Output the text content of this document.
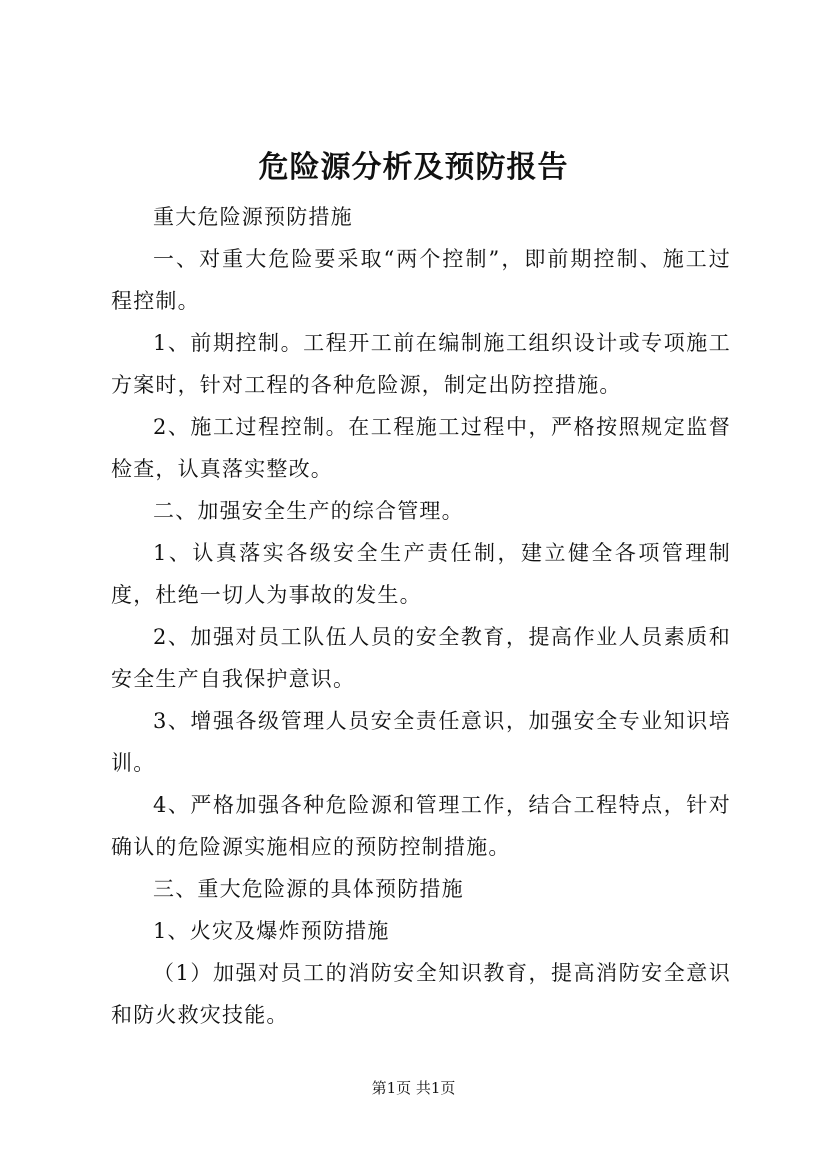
危险源分析及预防报告

重大危险源预防措施

一、对重大危险要采取“两个控制”，即前期控制、施工过程控制。

1、前期控制。工程开工前在编制施工组织设计或专项施工方案时，针对工程的各种危险源，制定出防控措施。

2、施工过程控制。在工程施工过程中，严格按照规定监督检查，认真落实整改。

二、加强安全生产的综合管理。

1、认真落实各级安全生产责任制，建立健全各项管理制度，杜绝一切人为事故的发生。

2、加强对员工队伍人员的安全教育，提高作业人员素质和安全生产自我保护意识。

3、增强各级管理人员安全责任意识，加强安全专业知识培训。

4、严格加强各种危险源和管理工作，结合工程特点，针对确认的危险源实施相应的预防控制措施。

三、重大危险源的具体预防措施

1、火灾及爆炸预防措施

（1）加强对员工的消防安全知识教育，提高消防安全意识和防火救灾技能。

第1页 共1页
